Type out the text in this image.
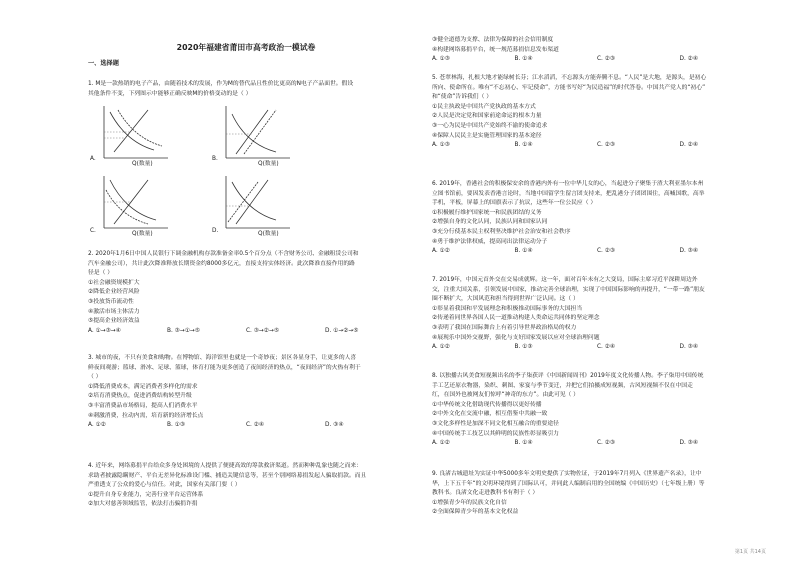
2020年福建省莆田市高考政治一模试卷
一、选择题
1. M是一款热销的电子产品，由随着技术的发展，作为M的替代品且性价比更高的N电子产品面世。假设
其他条件不变，下列图示中能够正确反映M的价格变动的是（ ）
A.
Q(数量)
B.
Q(数量)
C.	Q(数量)	D.	Q(数量)
2. 2020年1月6日中国人民银行下调金融机构存款准备金率0.5个百分点（不含财务公司、金融租赁公司和
汽车金融公司），共计此次降准释放长期资金约8000多亿元，直接支持实体经济。此次降准直接作用的路
径是（ ）
①社会融资规模扩大
②降低企业经营风险
③投放货币流动性
④激活市场主体活力
⑤提高企业经济效益
A. ①→③→④	B. ③→①→⑤	C. ③→②→⑤	D. ①→②→⑤
3. 城市的夜，不只有美食和购物。在博物馆、海洋馆里也就是一个奇妙夜；景区各显身手，让更多的人喜
鲜夜间观游；篮球、滑冰、足球、篮球，体育打能为更多创造了夜间经济的热点，“夜间经济”的火热有利于
（ ）
①降低消费成本，满足消费者多样化的需求
②培育消费热点，促进消费结构转型升级
③丰富消费品市场格局，提高人们消费水平
④刺激消费，拉动内需，培育新的经济增长点
A. ①②	B. ①③	C. ②④	D. ③④
4. 近年来，网络募捐平台给众多身处困境的人提供了便捷高效的筹款救济渠道。然而种种乱象也随之而来：
求助者披露隐瞒财产、平台无差异化标准设门槛、捕造关键信息等，甚至个别网络募捐发起人骗取捐款。而且
严重透支了公众的爱心与信任。对此，国家有关部门要（ ）
①提升自身专业能力，完善行业平台运营体系
②加大对慈善领域监管，依法打击骗捐诈捐
③健全道德为支撑、法律为保障的社会信用制度
④构建网络募捐平台，统一规范募捐信息发布渠道
A. ①③	B. ①④	C. ②③	D. ②④
5. 苍翠林海，扎根大地才能绿树长芬；江水滔滔，不忘源头方能奔腾不息。“人民”是大地，是源头，是初心
所向、使命所在。唯有“不忘初心、牢记使命”，方能书写好“为民造福”的时代答卷。中国共产党人的“初心”
和“使命”告诉我们（ ）
①民主执政是中国共产党执政的基本方式
②人民是决定党和国家前途命运的根本力量
③一心为民是中国共产党始终不渝的使命追求
④保障人民民主是实施管理国家的基本途径
A. ①③	B. ①④	C. ②③	D. ②④
6. 2019年，香港社会的积极保安余的香港内外有一位中华儿女的心，当起进分子聚集于渣大利亚墨尔本州
立图书馆前，要因发表香港言论时，当地中国留学生留言团支持来，把乱港分子团团围住，高喊国歌，高举
手机，平板，屏幕上的国旗表示了抗议，这些年一位公民应（ ）
①积极履行维护国家统一和民族团结的义务
②增强自身的文化认同，民族认同和国家认同
③充分行使基本民主权利坚决维护社会治安和社会秩序
④勇于维护法律权威，提高同出法律运动分子
A. ①②	B. ①④	C. ②③	D. ③④
7. 2019年，中国元首外交在交易成就辉。这一年，面对百年未有之大变局，国际主席习近平深耕周边外
交，注重大国关系，引领发展中国家，推动完善全球治理，实现了中国国际影响的再提升，“一带一路”朋友
圈不断扩大，大国风范和担当得到世界广泛认同。这（ ）
①彰显着我国和平发展理念和积极推动国际事务的大国担当
②传递着同世界各国人民一道推动构建人类命运共同体的坚定理念
③表明了我国在国际舞台上有着引导世界政治格局的权力
④展现乐中国外交视野，强化与支好国家发展以应对全球治理问题
A. ①②	B. ①③	C. ②④	D. ③④
8. 以独播古风美食短视频出名的李子柒获评《中国新闻周刊》2019年度文化传播人物。李子柒用中国传统
手工艺还原衣物器，染织、刺图、家宴与季节变迁，并把它们拍摄成短视频，古风短视频不仅在中国走
红，在国外也被网友们惊呼“神奇的东方”。由此可见（ ）
①中华传统文化借助现代传播得以更好传播
②中外文化在交流中融，相互借鉴中共融一致
③文化多样性是加深不同文化相互融合的重要途径
④中国传统手工技艺以其鲜明的民族性彰显吸引力
A. ①②	B. ①④	C. ②③	D. ③④
9. 良渚古城遗址为实证中华5000多年文明史提供了实物佐证，于2019年7月列入《世界遗产名录》，让中
华，上下五千年“的文明环境得到了国际认可，并同此人编制启用的全国统编《中国历史》（七年级上册）等
教科书。良渚文化走进教科书有利于（ ）
①增强青少年的民族文化自信
②全面保障青少年的基本文化权益
第1页 共14页
